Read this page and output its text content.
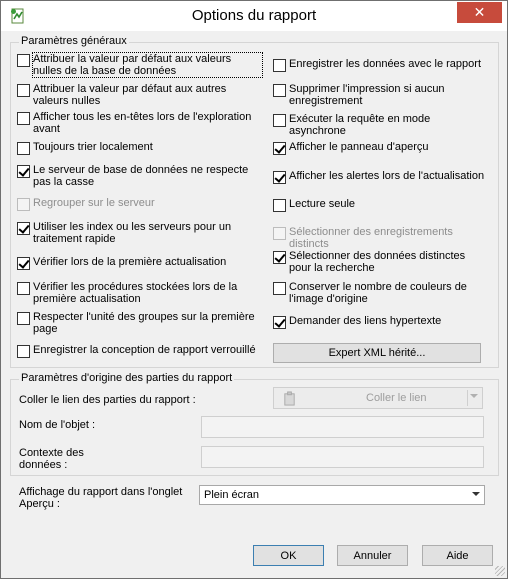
Options du rapport	✕
Paramètres généraux
Attribuer la valeur par défaut aux valeurs nulles de la base de données
Attribuer la valeur par défaut aux autres valeurs nulles
Afficher tous les en-têtes lors de l'exploration avant
Toujours trier localement
Le serveur de base de données ne respecte pas la casse
Regrouper sur le serveur
Utiliser les index ou les serveurs pour un traitement rapide
Vérifier lors de la première actualisation
Vérifier les procédures stockées lors de la première actualisation
Respecter l'unité des groupes sur la première page
Enregistrer la conception de rapport verrouillé
Enregistrer les données avec le rapport
Supprimer l'impression si aucun enregistrement
Exécuter la requête en mode asynchrone
Afficher le panneau d'aperçu
Afficher les alertes lors de l'actualisation
Lecture seule
Sélectionner des enregistrements distincts
Sélectionner des données distinctes pour la recherche
Conserver le nombre de couleurs de l'image d'origine
Demander des liens hypertexte
Expert XML hérité...
Paramètres d'origine des parties du rapport
Coller le lien des parties du rapport :	Coller le lien
Nom de l'objet :
Contexte des données :
Affichage du rapport dans l'onglet Aperçu :
Plein écran
OK	Annuler	Aide
